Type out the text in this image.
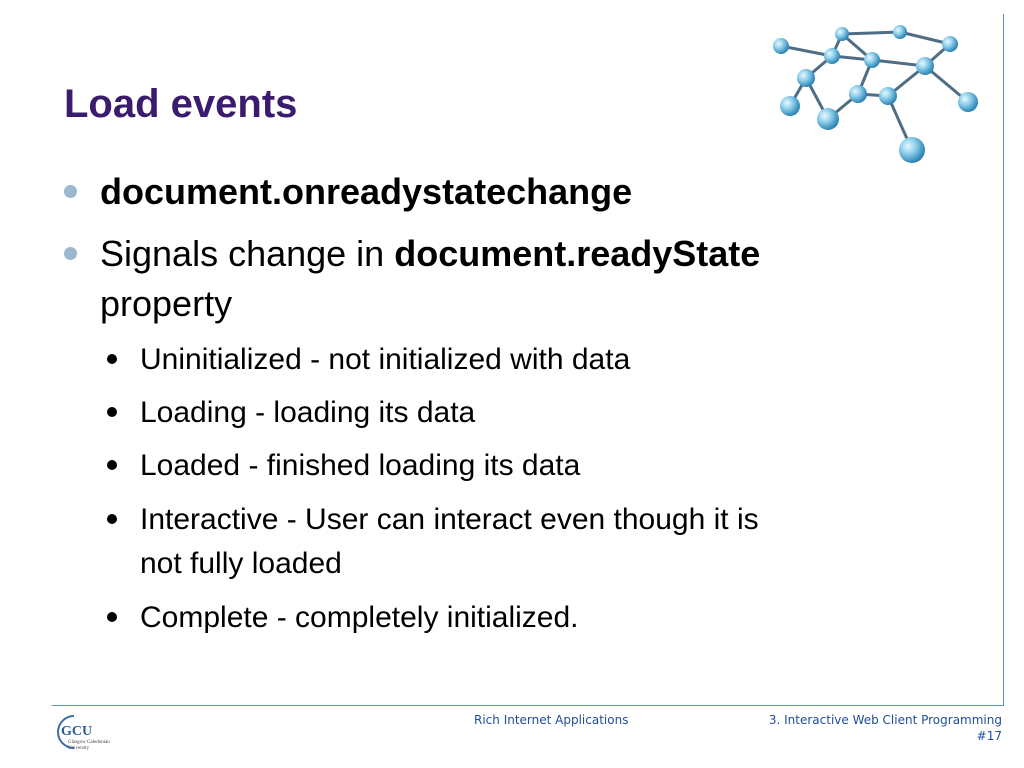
Load events
document.onreadystatechange
Signals change in document.readyState
property
Uninitialized - not initialized with data
Loading - loading its data
Loaded - finished loading its data
Interactive - User can interact even though it is
not fully loaded
Complete - completely initialized.
GCU
Glasgow Caledonian
University
Rich Internet Applications	3. Interactive Web Client Programming
#17
